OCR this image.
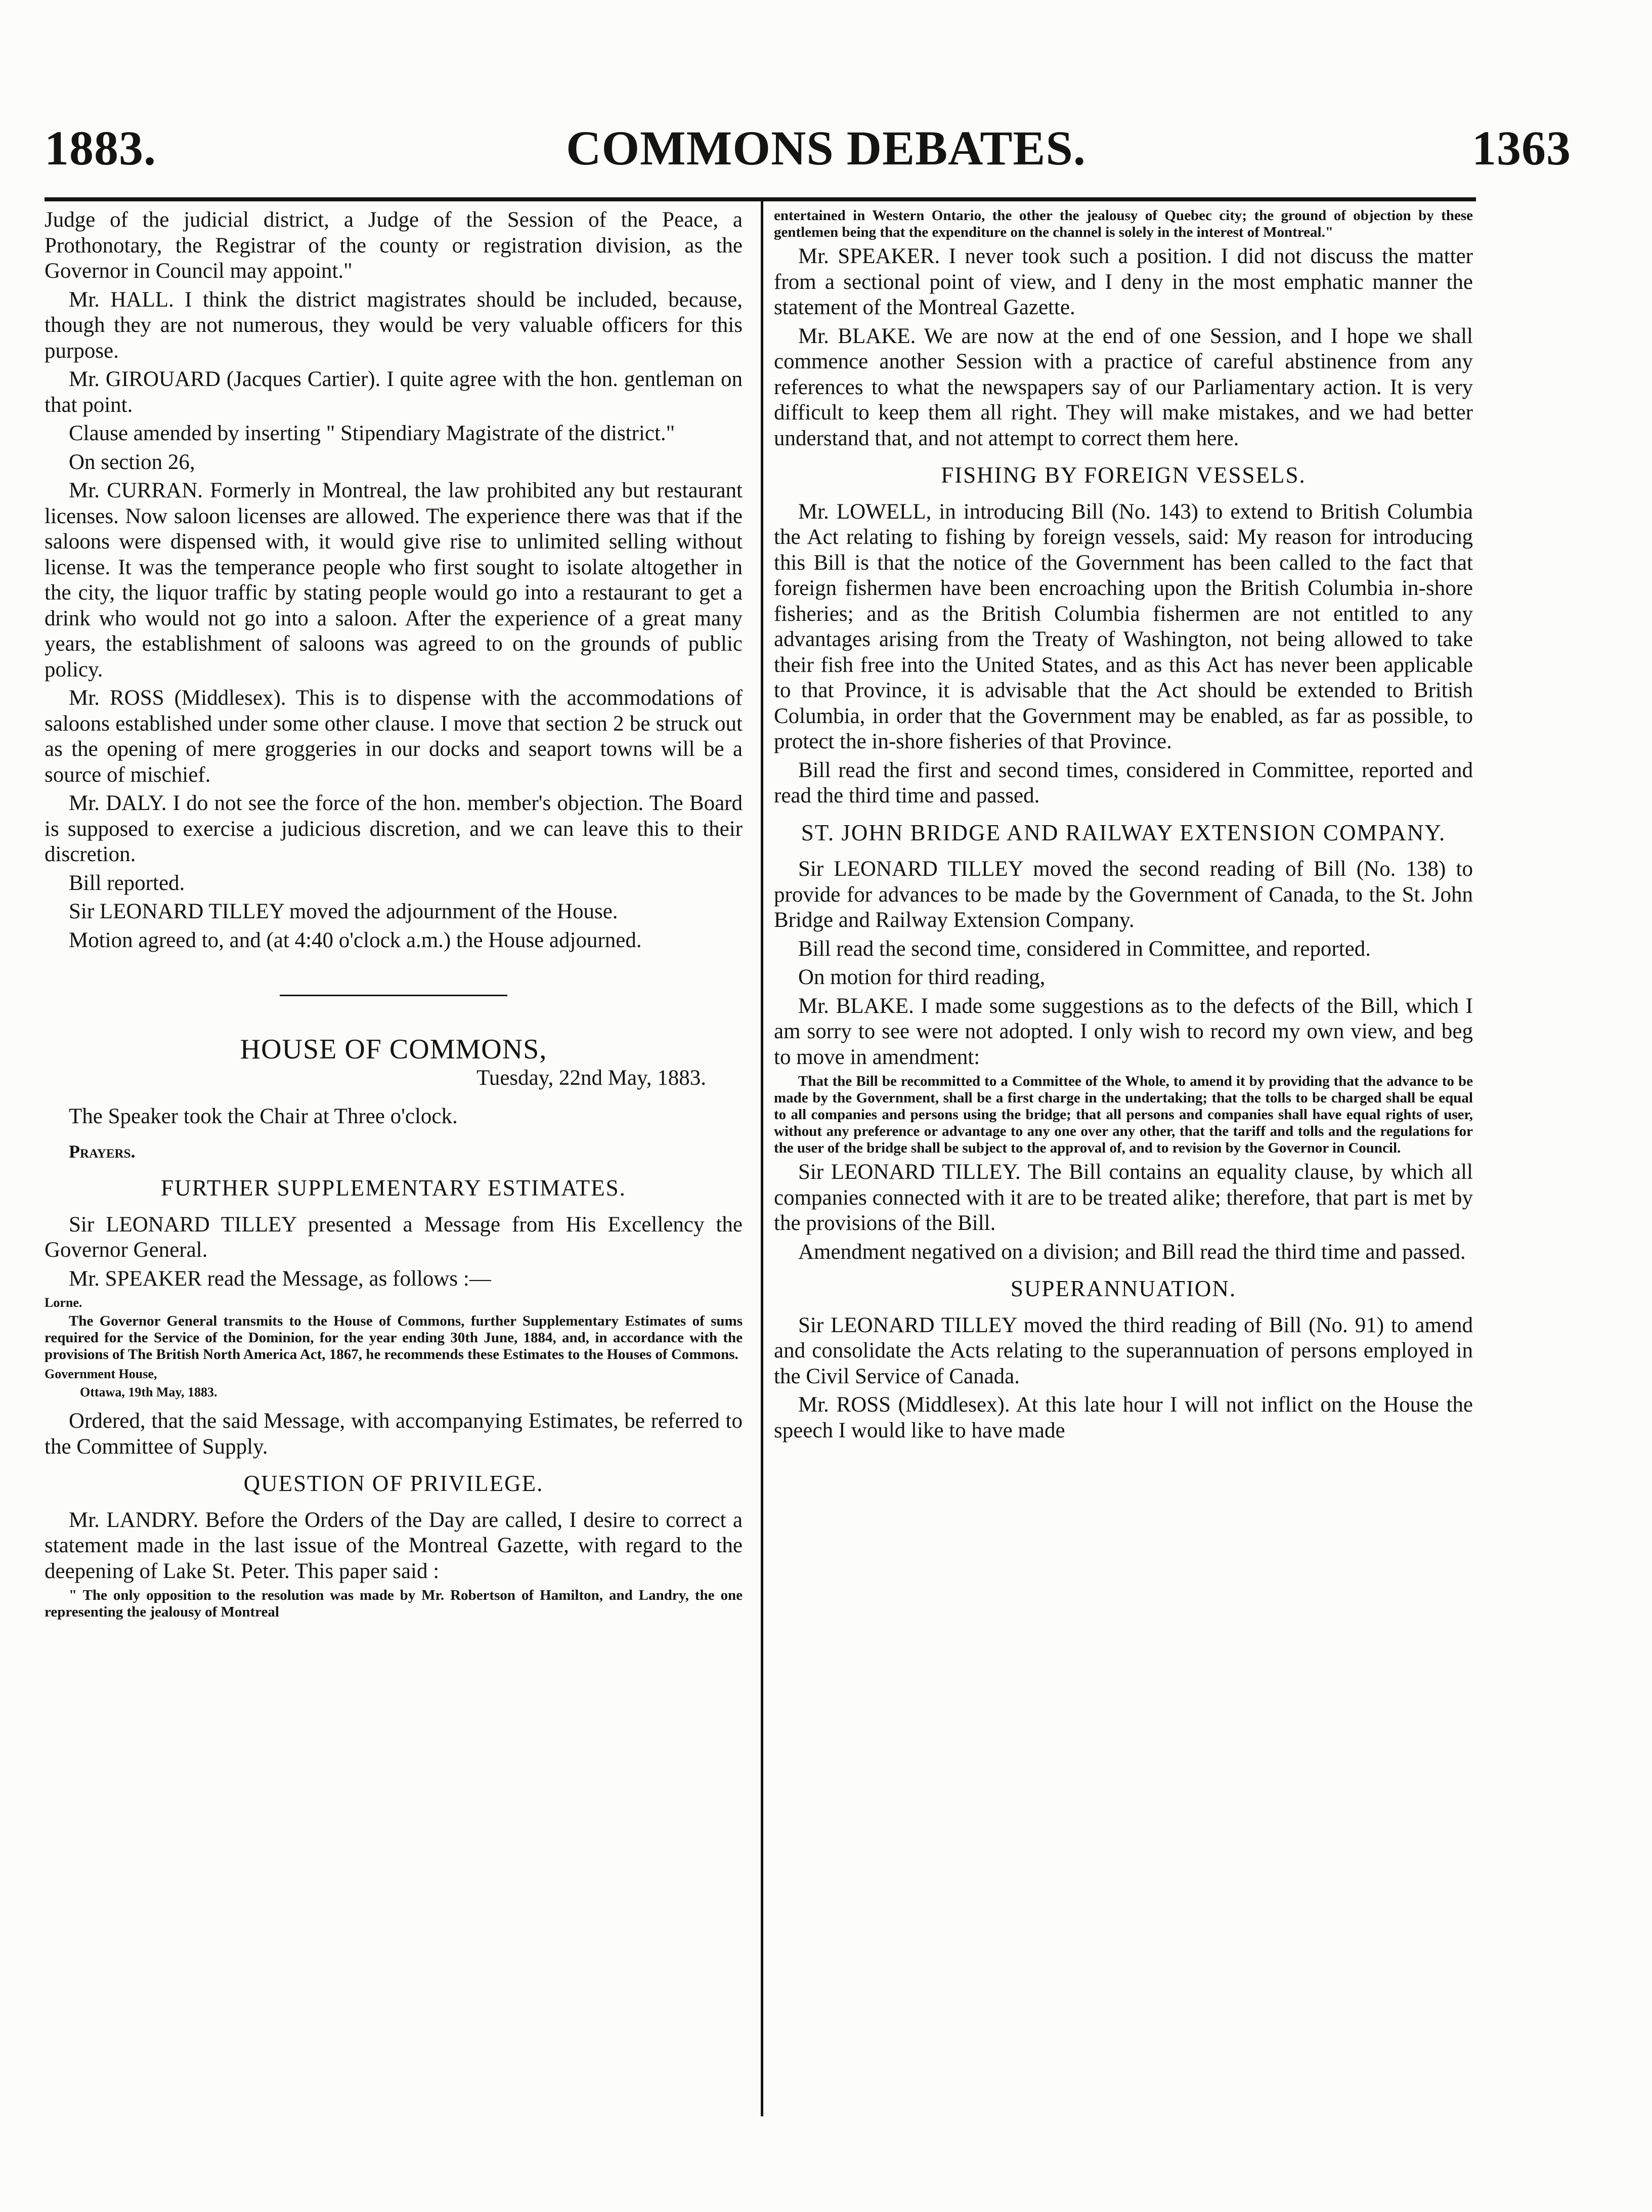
COMMONS DEBATES.
1883.	1363

Judge of the judicial district, a Judge of the Session of the Peace, a Prothonotary, the Registrar of the county or registration division, as the Governor in Council may appoint."

Mr. HALL. I think the district magistrates should be included, because, though they are not numerous, they would be very valuable officers for this purpose.

Mr. GIROUARD (Jacques Cartier). I quite agree with the hon. gentleman on that point.

Clause amended by inserting " Stipendiary Magistrate of the district."

On section 26,

Mr. CURRAN. Formerly in Montreal, the law prohibited any but restaurant licenses. Now saloon licenses are allowed. The experience there was that if the saloons were dispensed with, it would give rise to unlimited selling without license. It was the temperance people who first sought to isolate altogether in the city, the liquor traffic by stating people would go into a restaurant to get a drink who would not go into a saloon. After the experience of a great many years, the establishment of saloons was agreed to on the grounds of public policy.

Mr. ROSS (Middlesex). This is to dispense with the accommodations of saloons established under some other clause. I move that section 2 be struck out as the opening of mere groggeries in our docks and seaport towns will be a source of mischief.

Mr. DALY. I do not see the force of the hon. member's objection. The Board is supposed to exercise a judicious discretion, and we can leave this to their discretion.

Bill reported.

Sir LEONARD TILLEY moved the adjournment of the House.

Motion agreed to, and (at 4:40 o'clock a.m.) the House adjourned.

HOUSE OF COMMONS,
Tuesday, 22nd May, 1883.

The Speaker took the Chair at Three o'clock.

Prayers.

FURTHER SUPPLEMENTARY ESTIMATES.

Sir LEONARD TILLEY presented a Message from His Excellency the Governor General.

Mr. SPEAKER read the Message, as follows :—

Lorne.

The Governor General transmits to the House of Commons, further Supplementary Estimates of sums required for the Service of the Dominion, for the year ending 30th June, 1884, and, in accordance with the provisions of The British North America Act, 1867, he recommends these Estimates to the Houses of Commons.

Government House,
Ottawa, 19th May, 1883.

Ordered, that the said Message, with accompanying Estimates, be referred to the Committee of Supply.

QUESTION OF PRIVILEGE.

Mr. LANDRY. Before the Orders of the Day are called, I desire to correct a statement made in the last issue of the Montreal Gazette, with regard to the deepening of Lake St. Peter. This paper said :

" The only opposition to the resolution was made by Mr. Robertson of Hamilton, and Landry, the one representing the jealousy of Montreal

entertained in Western Ontario, the other the jealousy of Quebec city; the ground of objection by these gentlemen being that the expenditure on the channel is solely in the interest of Montreal."

Mr. SPEAKER. I never took such a position. I did not discuss the matter from a sectional point of view, and I deny in the most emphatic manner the statement of the Montreal Gazette.

Mr. BLAKE. We are now at the end of one Session, and I hope we shall commence another Session with a practice of careful abstinence from any references to what the newspapers say of our Parliamentary action. It is very difficult to keep them all right. They will make mistakes, and we had better understand that, and not attempt to correct them here.

FISHING BY FOREIGN VESSELS.

Mr. LOWELL, in introducing Bill (No. 143) to extend to British Columbia the Act relating to fishing by foreign vessels, said: My reason for introducing this Bill is that the notice of the Government has been called to the fact that foreign fishermen have been encroaching upon the British Columbia in-shore fisheries; and as the British Columbia fishermen are not entitled to any advantages arising from the Treaty of Washington, not being allowed to take their fish free into the United States, and as this Act has never been applicable to that Province, it is advisable that the Act should be extended to British Columbia, in order that the Government may be enabled, as far as possible, to protect the in-shore fisheries of that Province.

Bill read the first and second times, considered in Committee, reported and read the third time and passed.

ST. JOHN BRIDGE AND RAILWAY EXTENSION COMPANY.

Sir LEONARD TILLEY moved the second reading of Bill (No. 138) to provide for advances to be made by the Government of Canada, to the St. John Bridge and Railway Extension Company.

Bill read the second time, considered in Committee, and reported.

On motion for third reading,

Mr. BLAKE. I made some suggestions as to the defects of the Bill, which I am sorry to see were not adopted. I only wish to record my own view, and beg to move in amendment:

That the Bill be recommitted to a Committee of the Whole, to amend it by providing that the advance to be made by the Government, shall be a first charge in the undertaking; that the tolls to be charged shall be equal to all companies and persons using the bridge; that all persons and companies shall have equal rights of user, without any preference or advantage to any one over any other, that the tariff and tolls and the regulations for the user of the bridge shall be subject to the approval of, and to revision by the Governor in Council.

Sir LEONARD TILLEY. The Bill contains an equality clause, by which all companies connected with it are to be treated alike; therefore, that part is met by the provisions of the Bill.

Amendment negatived on a division; and Bill read the third time and passed.

SUPERANNUATION.

Sir LEONARD TILLEY moved the third reading of Bill (No. 91) to amend and consolidate the Acts relating to the superannuation of persons employed in the Civil Service of Canada.

Mr. ROSS (Middlesex). At this late hour I will not inflict on the House the speech I would like to have made
